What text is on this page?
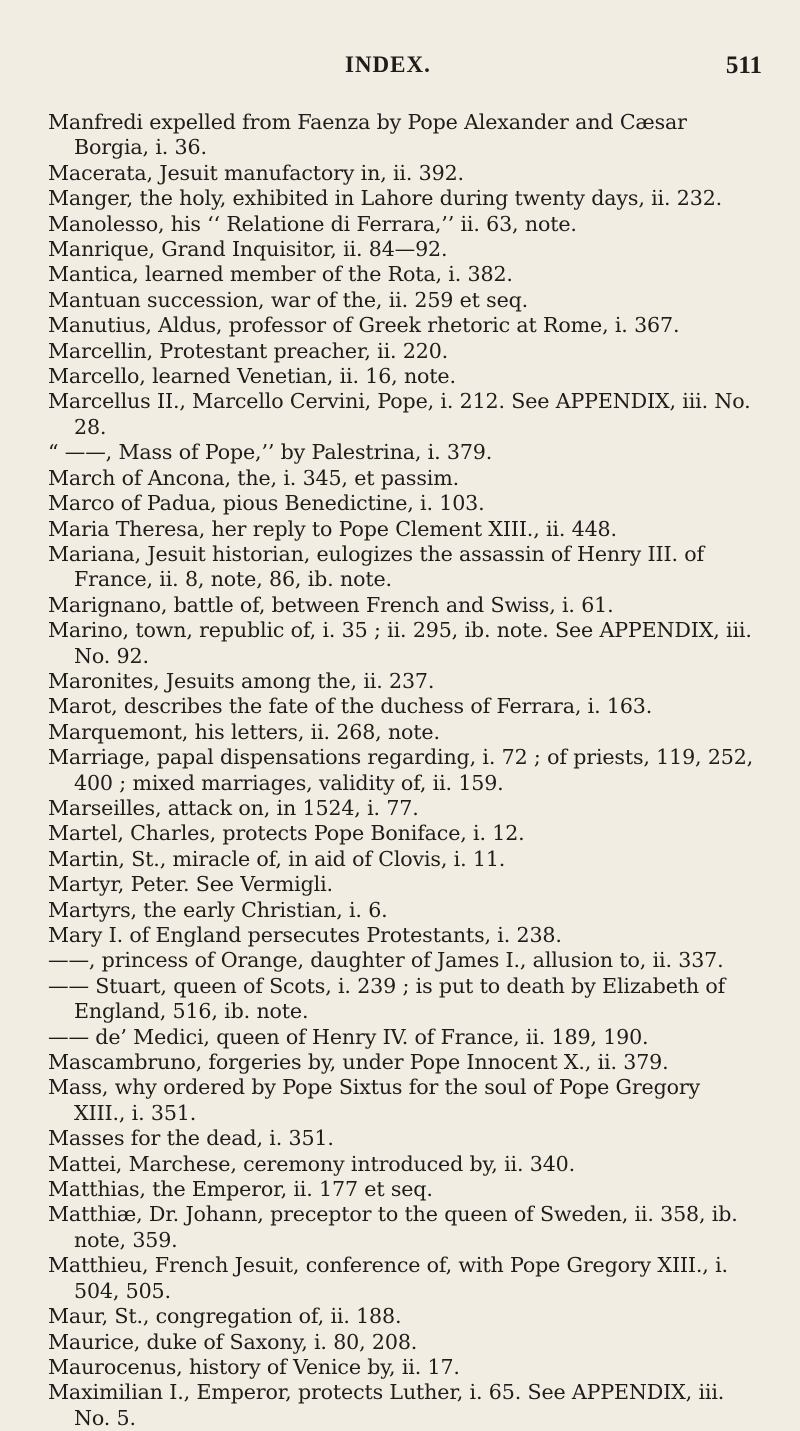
INDEX.	511

Manfredi expelled from Faenza by Pope Alexander and Cæsar Borgia, i. 36.

Macerata, Jesuit manufactory in, ii. 392.

Manger, the holy, exhibited in Lahore during twenty days, ii. 232.

Manolesso, his ‘‘ Relatione di Ferrara,’’ ii. 63, note.

Manrique, Grand Inquisitor, ii. 84—92.

Mantica, learned member of the Rota, i. 382.

Mantuan succession, war of the, ii. 259 et seq.

Manutius, Aldus, professor of Greek rhetoric at Rome, i. 367.

Marcellin, Protestant preacher, ii. 220.

Marcello, learned Venetian, ii. 16, note.

Marcellus II., Marcello Cervini, Pope, i. 212. See APPENDIX, iii. No. 28.

“ ——, Mass of Pope,’’ by Palestrina, i. 379.

March of Ancona, the, i. 345, et passim.

Marco of Padua, pious Benedictine, i. 103.

Maria Theresa, her reply to Pope Clement XIII., ii. 448.

Mariana, Jesuit historian, eulogizes the assassin of Henry III. of France, ii. 8, note, 86, ib. note.

Marignano, battle of, between French and Swiss, i. 61.

Marino, town, republic of, i. 35 ; ii. 295, ib. note. See APPENDIX, iii. No. 92.

Maronites, Jesuits among the, ii. 237.

Marot, describes the fate of the duchess of Ferrara, i. 163.

Marquemont, his letters, ii. 268, note.

Marriage, papal dispensations regarding, i. 72 ; of priests, 119, 252, 400 ; mixed marriages, validity of, ii. 159.

Marseilles, attack on, in 1524, i. 77.

Martel, Charles, protects Pope Boniface, i. 12.

Martin, St., miracle of, in aid of Clovis, i. 11.

Martyr, Peter. See Vermigli.

Martyrs, the early Christian, i. 6.

Mary I. of England persecutes Protestants, i. 238.

——, princess of Orange, daughter of James I., allusion to, ii. 337.

—— Stuart, queen of Scots, i. 239 ; is put to death by Elizabeth of England, 516, ib. note.

—— de’ Medici, queen of Henry IV. of France, ii. 189, 190.

Mascambruno, forgeries by, under Pope Innocent X., ii. 379.

Mass, why ordered by Pope Sixtus for the soul of Pope Gregory XIII., i. 351.

Masses for the dead, i. 351.

Mattei, Marchese, ceremony introduced by, ii. 340.

Matthias, the Emperor, ii. 177 et seq.

Matthiæ, Dr. Johann, preceptor to the queen of Sweden, ii. 358, ib. note, 359.

Matthieu, French Jesuit, conference of, with Pope Gregory XIII., i. 504, 505.

Maur, St., congregation of, ii. 188.

Maurice, duke of Saxony, i. 80, 208.

Maurocenus, history of Venice by, ii. 17.

Maximilian I., Emperor, protects Luther, i. 65. See APPENDIX, iii. No. 5.
